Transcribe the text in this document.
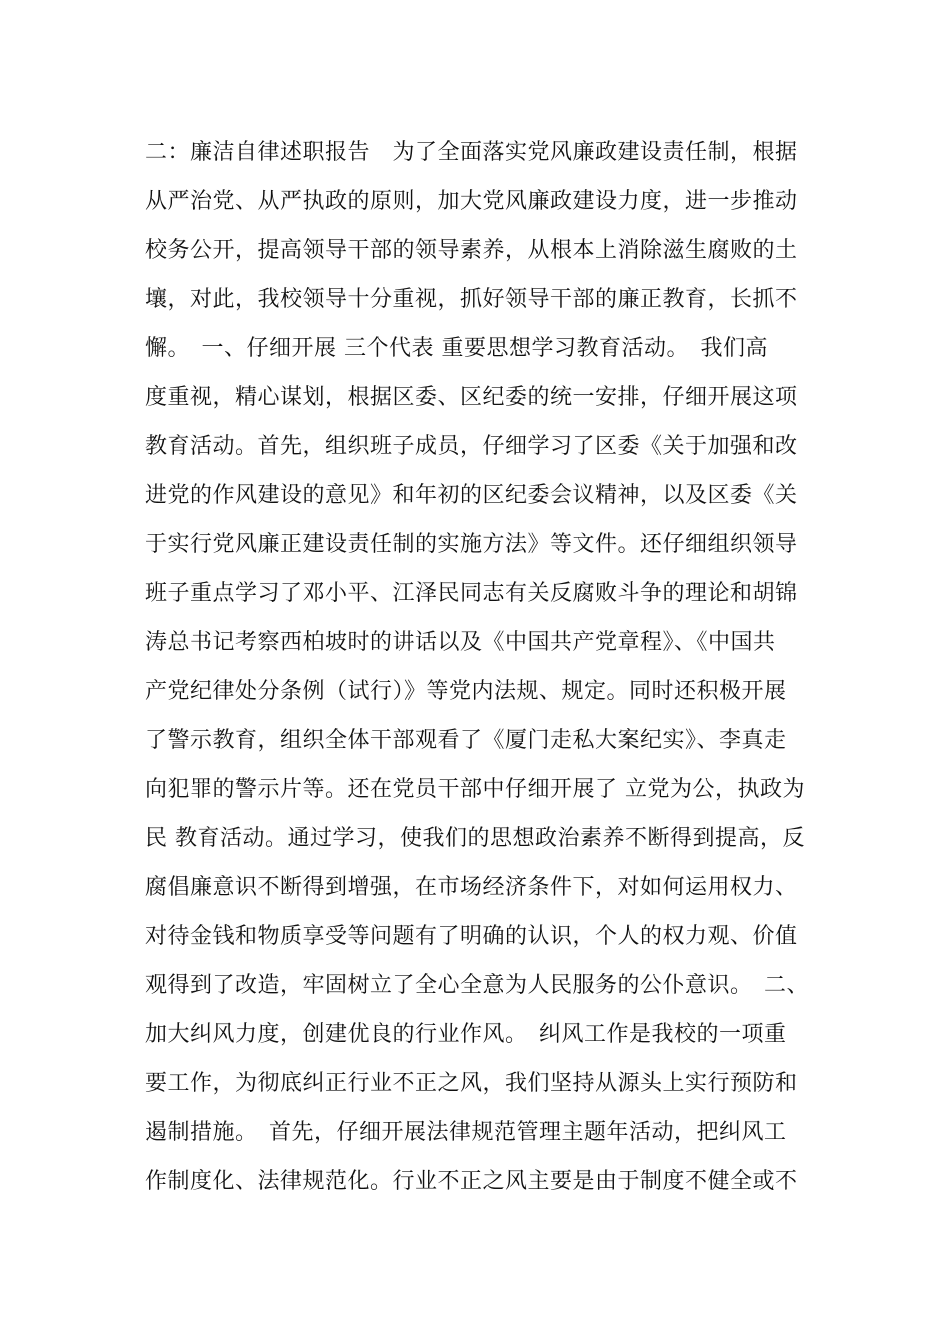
二：廉洁自律述职报告　为了全面落实党风廉政建设责任制，根据
从严治党、从严执政的原则，加大党风廉政建设力度，进一步推动
校务公开，提高领导干部的领导素养，从根本上消除滋生腐败的土
壤，对此，我校领导十分重视，抓好领导干部的廉正教育，长抓不
懈。　一、仔细开展 三个代表 重要思想学习教育活动。　我们高
度重视，精心谋划，根据区委、区纪委的统一安排，仔细开展这项
教育活动。首先，组织班子成员，仔细学习了区委《关于加强和改
进党的作风建设的意见》和年初的区纪委会议精神，以及区委《关
于实行党风廉正建设责任制的实施方法》等文件。还仔细组织领导
班子重点学习了邓小平、江泽民同志有关反腐败斗争的理论和胡锦
涛总书记考察西柏坡时的讲话以及《中国共产党章程》、《中国共
产党纪律处分条例（试行）》等党内法规、规定。同时还积极开展
了警示教育，组织全体干部观看了《厦门走私大案纪实》、李真走
向犯罪的警示片等。还在党员干部中仔细开展了 立党为公，执政为
民 教育活动。通过学习，使我们的思想政治素养不断得到提高，反
腐倡廉意识不断得到增强，在市场经济条件下，对如何运用权力、
对待金钱和物质享受等问题有了明确的认识，个人的权力观、价值
观得到了改造，牢固树立了全心全意为人民服务的公仆意识。　二、
加大纠风力度，创建优良的行业作风。　纠风工作是我校的一项重
要工作，为彻底纠正行业不正之风，我们坚持从源头上实行预防和
遏制措施。　首先，仔细开展法律规范管理主题年活动，把纠风工
作制度化、法律规范化。行业不正之风主要是由于制度不健全或不
